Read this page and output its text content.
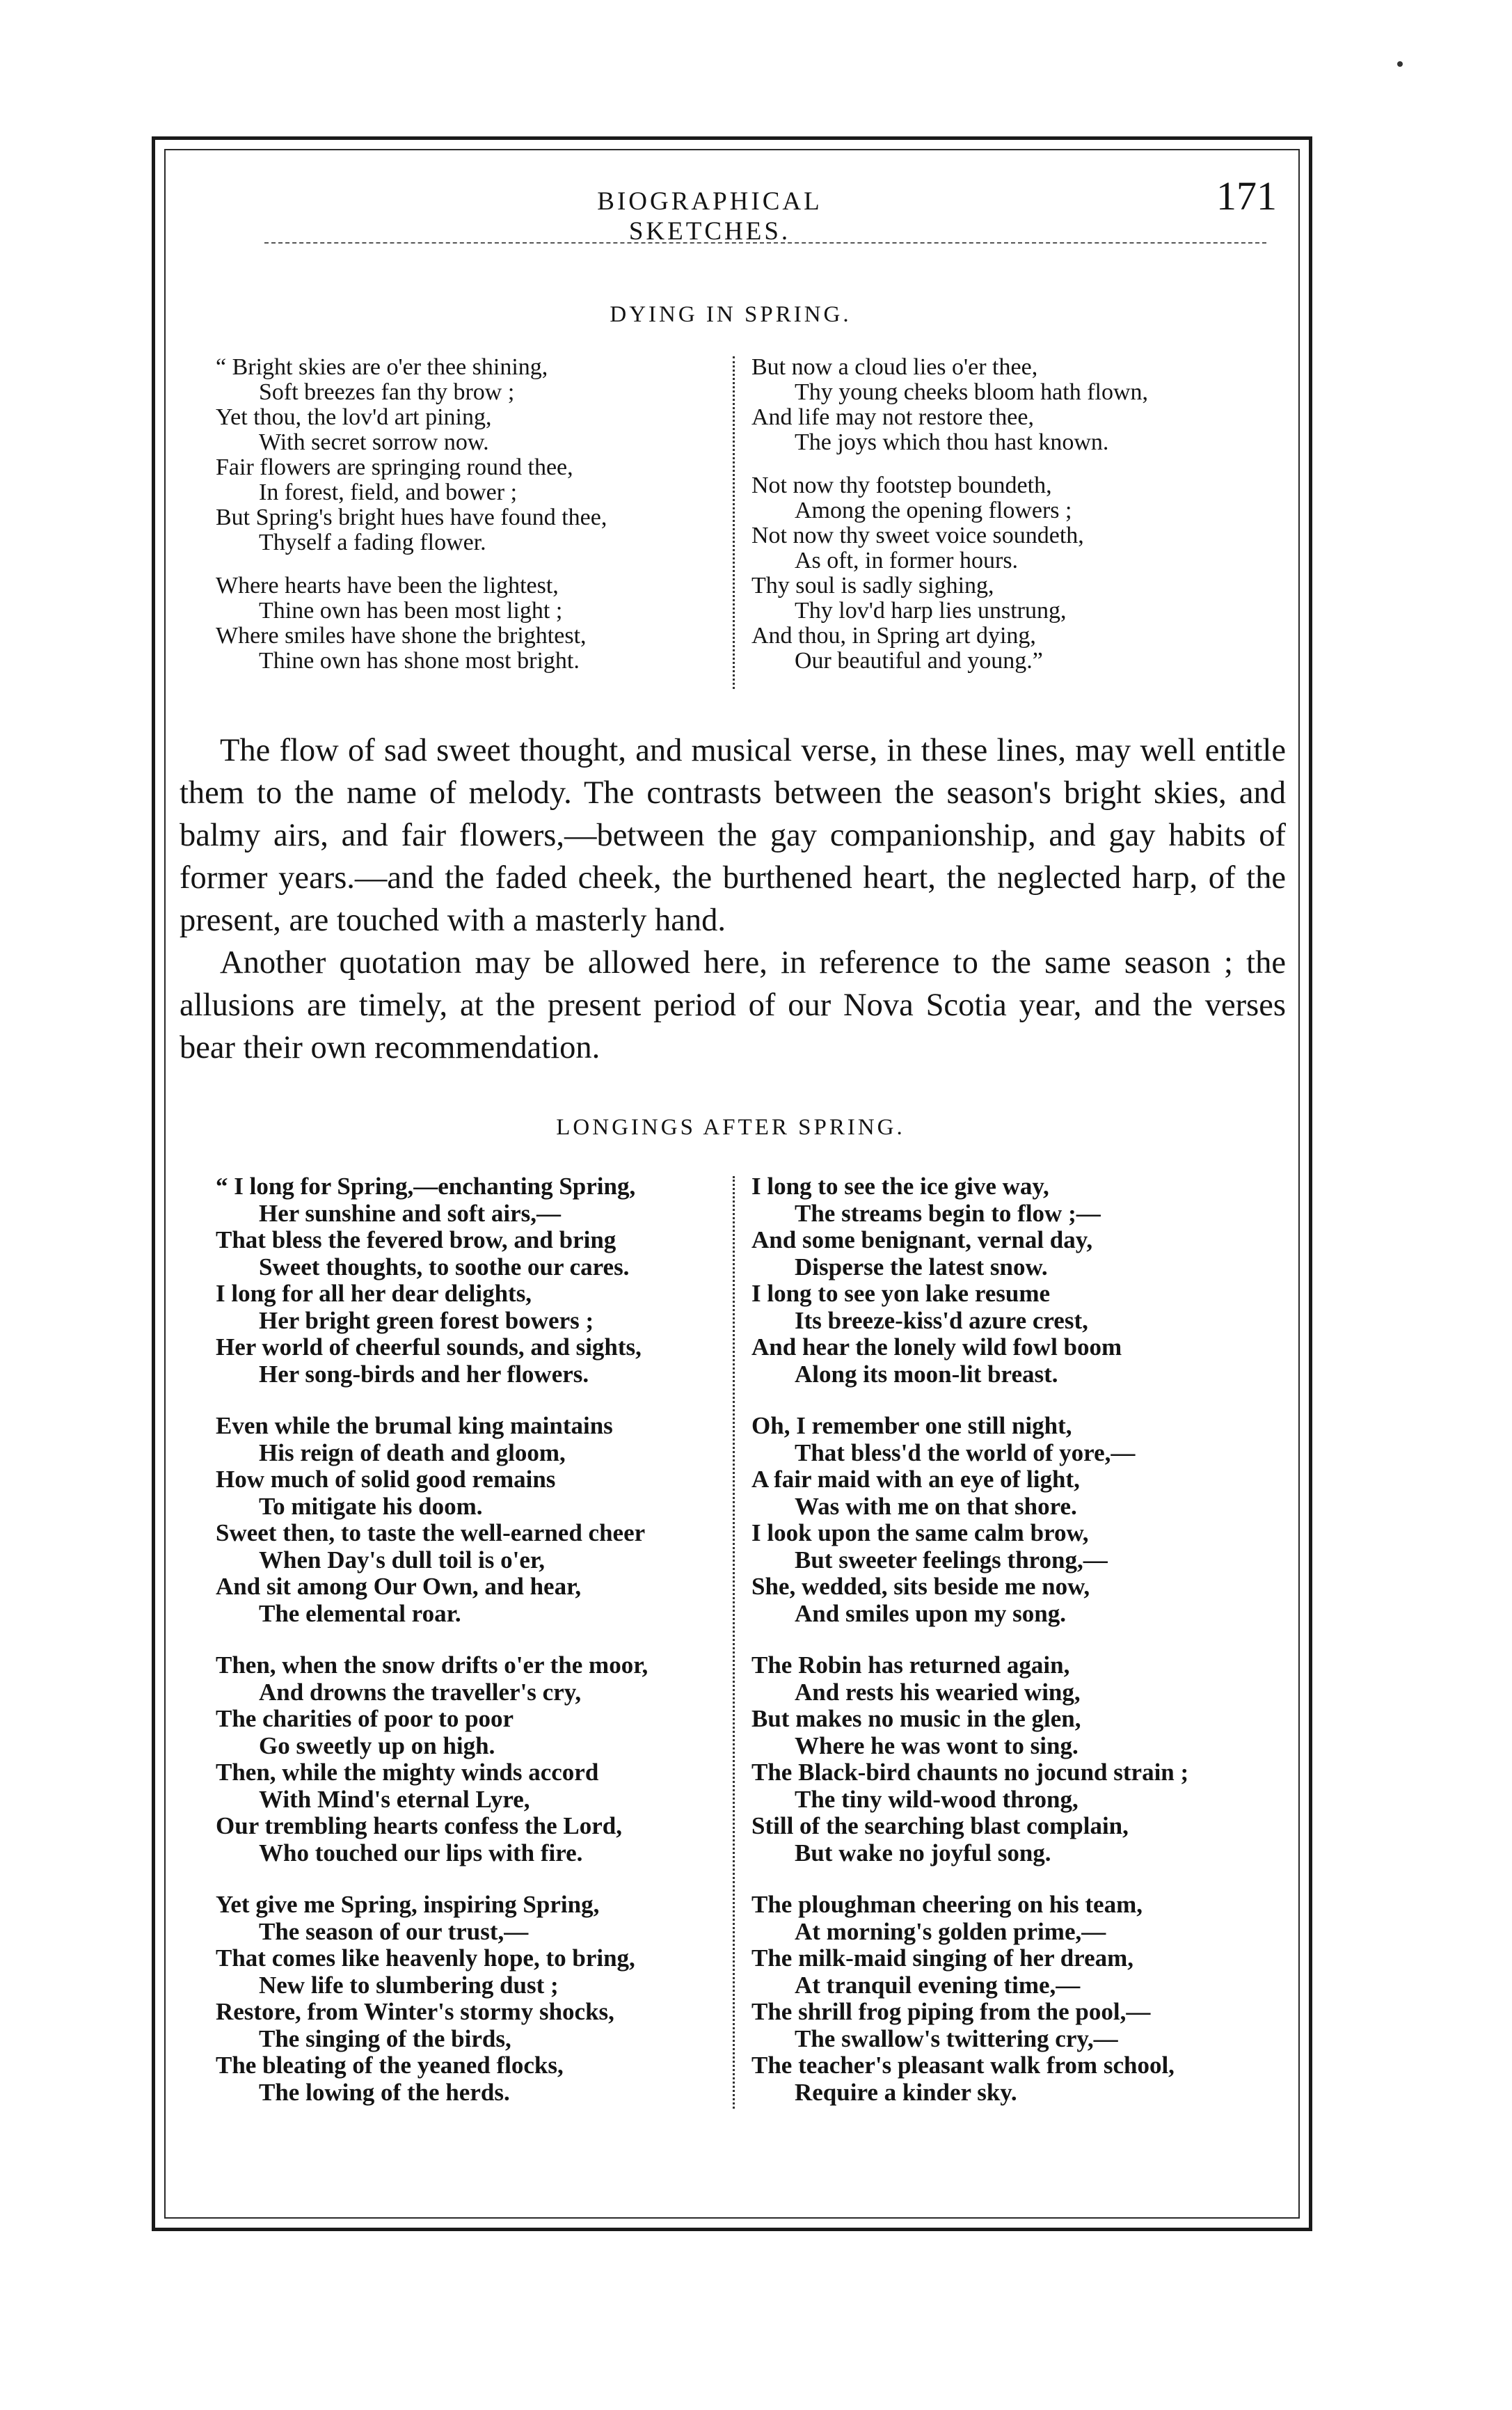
BIOGRAPHICAL SKETCHES.
171
DYING IN SPRING.
“ Bright skies are o'er thee shining,
Soft breezes fan thy brow ;
Yet thou, the lov'd art pining,
With secret sorrow now.
Fair flowers are springing round thee,
In forest, field, and bower ;
But Spring's bright hues have found thee,
Thyself a fading flower.
Where hearts have been the lightest,
Thine own has been most light ;
Where smiles have shone the brightest,
Thine own has shone most bright.
But now a cloud lies o'er thee,
Thy young cheeks bloom hath flown,
And life may not restore thee,
The joys which thou hast known.
Not now thy footstep boundeth,
Among the opening flowers ;
Not now thy sweet voice soundeth,
As oft, in former hours.
Thy soul is sadly sighing,
Thy lov'd harp lies unstrung,
And thou, in Spring art dying,
Our beautiful and young.”

The flow of sad sweet thought, and musical verse, in these lines, may well entitle them to the name of melody. The contrasts between the season's bright skies, and balmy airs, and fair flowers,—between the gay companionship, and gay habits of former years.—and the faded cheek, the burthened heart, the neglected harp, of the present, are touched with a masterly hand.

Another quotation may be allowed here, in reference to the same season ; the allusions are timely, at the present period of our Nova Scotia year, and the verses bear their own recommendation.

LONGINGS AFTER SPRING.
“ I long for Spring,—enchanting Spring,
Her sunshine and soft airs,—
That bless the fevered brow, and bring
Sweet thoughts, to soothe our cares.
I long for all her dear delights,
Her bright green forest bowers ;
Her world of cheerful sounds, and sights,
Her song-birds and her flowers.
Even while the brumal king maintains
His reign of death and gloom,
How much of solid good remains
To mitigate his doom.
Sweet then, to taste the well-earned cheer
When Day's dull toil is o'er,
And sit among Our Own, and hear,
The elemental roar.
Then, when the snow drifts o'er the moor,
And drowns the traveller's cry,
The charities of poor to poor
Go sweetly up on high.
Then, while the mighty winds accord
With Mind's eternal Lyre,
Our trembling hearts confess the Lord,
Who touched our lips with fire.
Yet give me Spring, inspiring Spring,
The season of our trust,—
That comes like heavenly hope, to bring,
New life to slumbering dust ;
Restore, from Winter's stormy shocks,
The singing of the birds,
The bleating of the yeaned flocks,
The lowing of the herds.
I long to see the ice give way,
The streams begin to flow ;—
And some benignant, vernal day,
Disperse the latest snow.
I long to see yon lake resume
Its breeze-kiss'd azure crest,
And hear the lonely wild fowl boom
Along its moon-lit breast.
Oh, I remember one still night,
That bless'd the world of yore,—
A fair maid with an eye of light,
Was with me on that shore.
I look upon the same calm brow,
But sweeter feelings throng,—
She, wedded, sits beside me now,
And smiles upon my song.
The Robin has returned again,
And rests his wearied wing,
But makes no music in the glen,
Where he was wont to sing.
The Black-bird chaunts no jocund strain ;
The tiny wild-wood throng,
Still of the searching blast complain,
But wake no joyful song.
The ploughman cheering on his team,
At morning's golden prime,—
The milk-maid singing of her dream,
At tranquil evening time,—
The shrill frog piping from the pool,—
The swallow's twittering cry,—
The teacher's pleasant walk from school,
Require a kinder sky.
